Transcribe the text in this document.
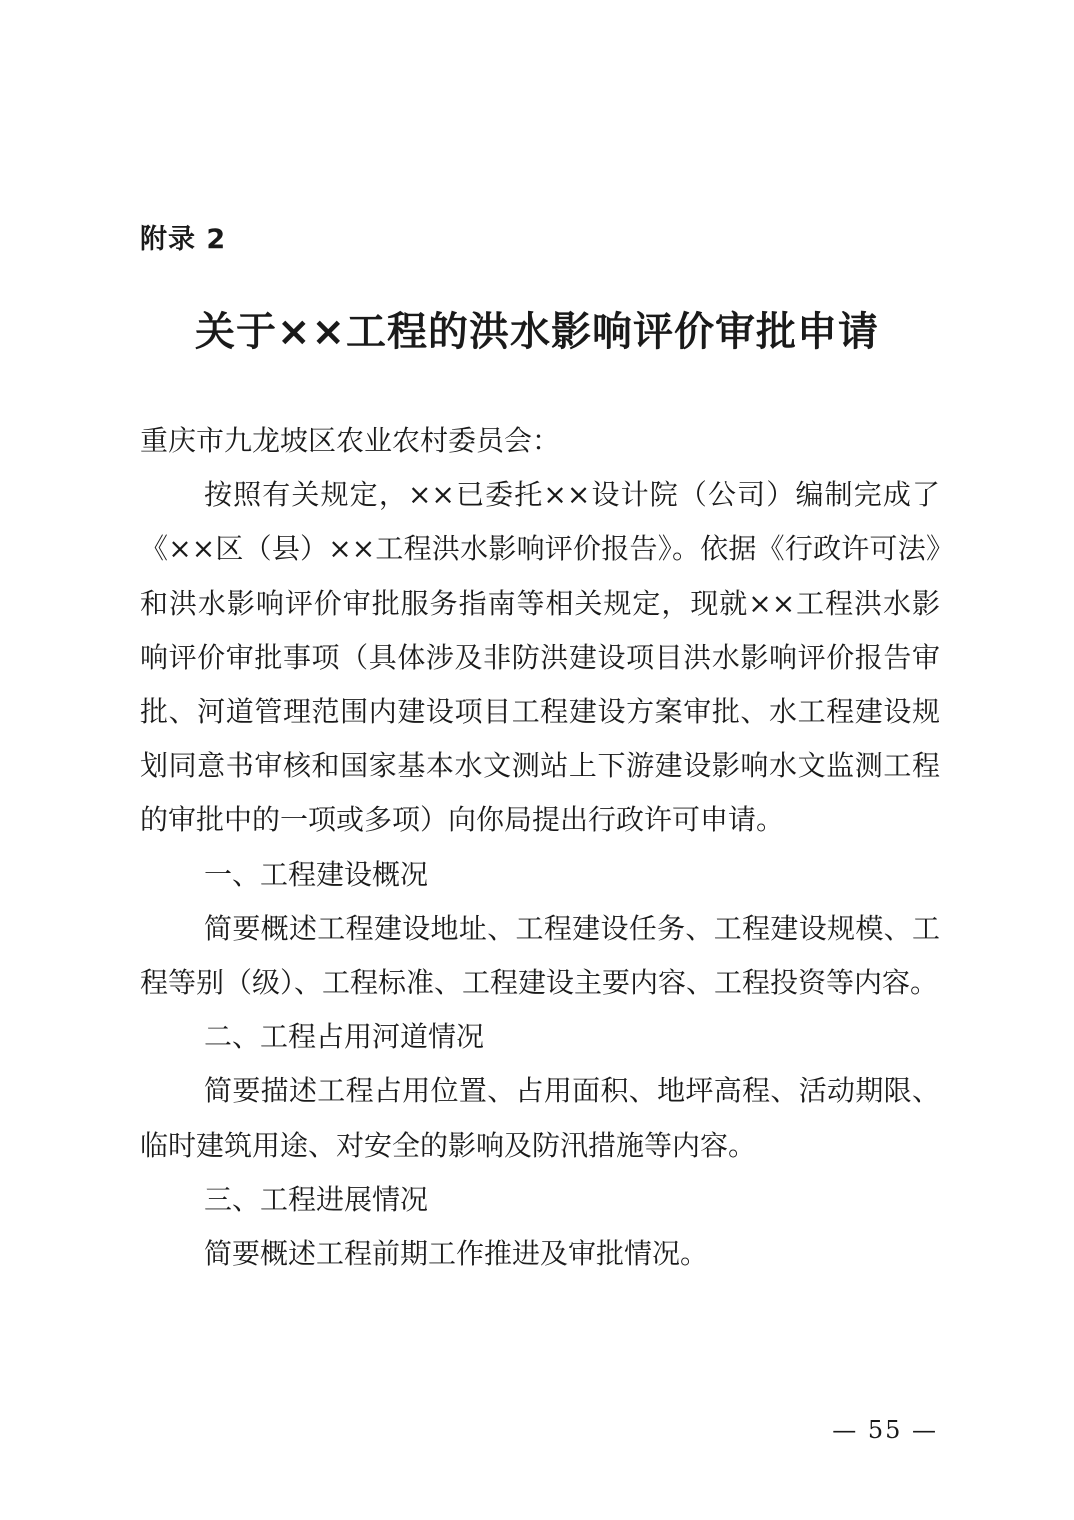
附录 2
关于××工程的洪水影响评价审批申请

重庆市九龙坡区农业农村委员会：

按照有关规定，××已委托××设计院（公司）编制完成了《××区（县）××工程洪水影响评价报告》。依据《行政许可法》和洪水影响评价审批服务指南等相关规定，现就××工程洪水影响评价审批事项（具体涉及非防洪建设项目洪水影响评价报告审批、河道管理范围内建设项目工程建设方案审批、水工程建设规划同意书审核和国家基本水文测站上下游建设影响水文监测工程的审批中的一项或多项）向你局提出行政许可申请。

一、工程建设概况

简要概述工程建设地址、工程建设任务、工程建设规模、工程等别（级）、工程标准、工程建设主要内容、工程投资等内容。

二、工程占用河道情况

简要描述工程占用位置、占用面积、地坪高程、活动期限、临时建筑用途、对安全的影响及防汛措施等内容。

三、工程进展情况

简要概述工程前期工作推进及审批情况。

— 55 —
